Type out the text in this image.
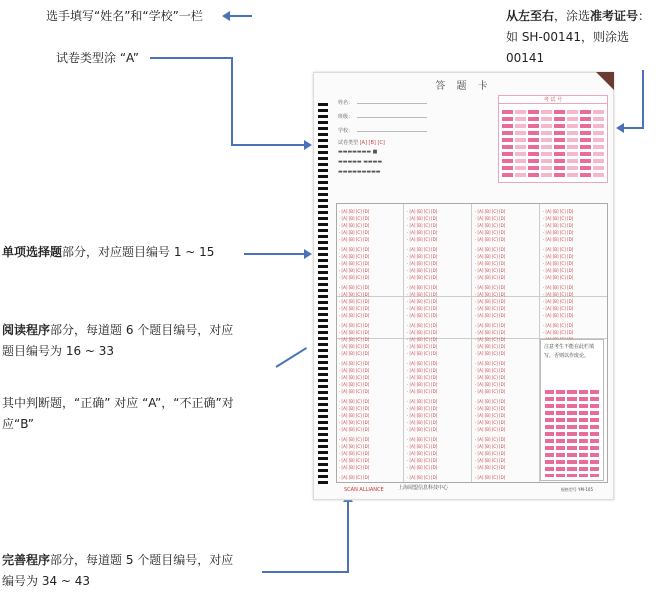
选手填写“姓名”和“学校”一栏
试卷类型涂 “A”
从左至右，涂选准考证号：
如 SH-00141，则涂选
00141
单项选择题部分，对应题目编号 1 ~ 15
阅读程序部分，每道题 6 个题目编号，对应
题目编号为 16 ~ 33
其中判断题，“正确” 对应 “A”，“不正确”对
应“B”
完善程序部分，每道题 5 个题目编号，对应
编号为 34 ~ 43
答 题 卡
姓名：
班级：
学校：
试卷类型 [A] [B] [C]
▬▬▬▬▬▬▬ ■
▬▬▬▬▬ ▬▬▬▬
▬▬▬▬▬▬▬▬▬
考 试 号
· [A] [B] [C] [D]
· [A] [B] [C] [D]
· [A] [B] [C] [D]
· [A] [B] [C] [D]
· [A] [B] [C] [D]
· [A] [B] [C] [D]
· [A] [B] [C] [D]
· [A] [B] [C] [D]
· [A] [B] [C] [D]
· [A] [B] [C] [D]
· [A] [B] [C] [D]
· [A] [B] [C] [D]
· [A] [B] [C] [D]
· [A] [B] [C] [D]
· [A] [B] [C] [D]
· [A] [B] [C] [D]
· [A] [B] [C] [D]
· [A] [B] [C] [D]
· [A] [B] [C] [D]
· [A] [B] [C] [D]
· [A] [B] [C] [D]
· [A] [B] [C] [D]
· [A] [B] [C] [D]
· [A] [B] [C] [D]
· [A] [B] [C] [D]
· [A] [B] [C] [D]
· [A] [B] [C] [D]
· [A] [B] [C] [D]
· [A] [B] [C] [D]
· [A] [B] [C] [D]
· [A] [B] [C] [D]
· [A] [B] [C] [D]
· [A] [B] [C] [D]
· [A] [B] [C] [D]
· [A] [B] [C] [D]
· [A] [B] [C] [D]
· [A] [B] [C] [D]
· [A] [B] [C] [D]
· [A] [B] [C] [D]
· [A] [B] [C] [D]
· [A] [B] [C] [D]
· [A] [B] [C] [D]
· [A] [B] [C] [D]
· [A] [B] [C] [D]
· [A] [B] [C] [D]
· [A] [B] [C] [D]
· [A] [B] [C] [D]
· [A] [B] [C] [D]
· [A] [B] [C] [D]
· [A] [B] [C] [D]
· [A] [B] [C] [D]
· [A] [B] [C] [D]
· [A] [B] [C] [D]
· [A] [B] [C] [D]
· [A] [B] [C] [D]
· [A] [B] [C] [D]
· [A] [B] [C] [D]
· [A] [B] [C] [D]
· [A] [B] [C] [D]
· [A] [B] [C] [D]
· [A] [B] [C] [D]
· [A] [B] [C] [D]
· [A] [B] [C] [D]
· [A] [B] [C] [D]
· [A] [B] [C] [D]
· [A] [B] [C] [D]
· [A] [B] [C] [D]
· [A] [B] [C] [D]
· [A] [B] [C] [D]
· [A] [B] [C] [D]
· [A] [B] [C] [D]
· [A] [B] [C] [D]
· [A] [B] [C] [D]
· [A] [B] [C] [D]
· [A] [B] [C] [D]
· [A] [B] [C] [D]
· [A] [B] [C] [D]
· [A] [B] [C] [D]
· [A] [B] [C] [D]
· [A] [B] [C] [D]
· [A] [B] [C] [D]
· [A] [B] [C] [D]
· [A] [B] [C] [D]
· [A] [B] [C] [D]
· [A] [B] [C] [D]
· [A] [B] [C] [D]
· [A] [B] [C] [D]
· [A] [B] [C] [D]
· [A] [B] [C] [D]
· [A] [B] [C] [D]
· [A] [B] [C] [D]
· [A] [B] [C] [D]
· [A] [B] [C] [D]
· [A] [B] [C] [D]
· [A] [B] [C] [D]
· [A] [B] [C] [D]
· [A] [B] [C] [D]
· [A] [B] [C] [D]
· [A] [B] [C] [D]
· [A] [B] [C] [D]
· [A] [B] [C] [D]
· [A] [B] [C] [D]
· [A] [B] [C] [D]
· [A] [B] [C] [D]
· [A] [B] [C] [D]
· [A] [B] [C] [D]
· [A] [B] [C] [D]
· [A] [B] [C] [D]
· [A] [B] [C] [D]
· [A] [B] [C] [D]
· [A] [B] [C] [D]
· [A] [B] [C] [D]
· [A] [B] [C] [D]
· [A] [B] [C] [D]
· [A] [B] [C] [D]
· [A] [B] [C] [D]
· [A] [B] [C] [D]
· [A] [B] [C] [D]
· [A] [B] [C] [D]
· [A] [B] [C] [D]
· [A] [B] [C] [D]
· [A] [B] [C] [D]
· [A] [B] [C] [D]
· [A] [B] [C] [D]
· [A] [B] [C] [D]
注意考生不能在此栏填写，否则以作废论。
SCAN ALLIANCE	上海阅盟信息科技中心	规格型号 YM-105
